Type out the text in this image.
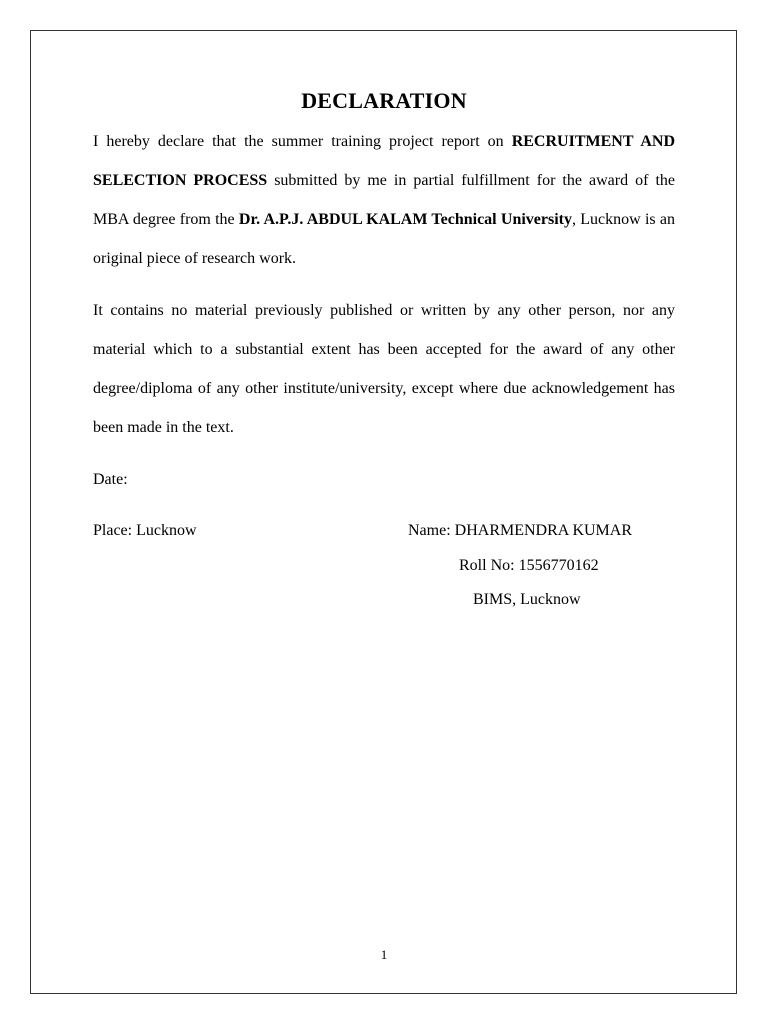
DECLARATION
I hereby declare that the summer training project report on RECRUITMENT AND SELECTION PROCESS submitted by me in partial fulfillment for the award of the MBA degree from the Dr. A.P.J. ABDUL KALAM Technical University, Lucknow is an original piece of research work.
It contains no material previously published or written by any other person, nor any material which to a substantial extent has been accepted for the award of any other degree/diploma of any other institute/university, except where due acknowledgement has been made in the text.
Date:
Place: Lucknow	Name: DHARMENDRA KUMAR
Roll No: 1556770162
BIMS, Lucknow
1
